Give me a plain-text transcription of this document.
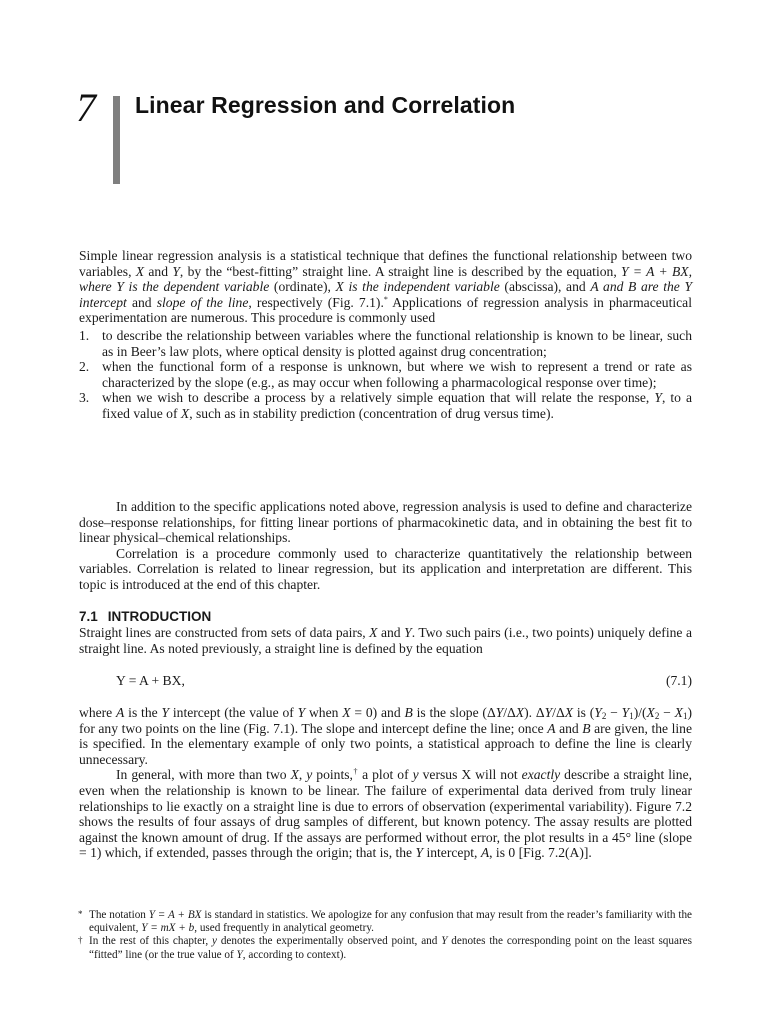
7 Linear Regression and Correlation

Simple linear regression analysis is a statistical technique that defines the functional relationship between two variables, X and Y, by the “best-fitting” straight line. A straight line is described by the equation, Y = A + BX, where Y is the dependent variable (ordinate), X is the independent variable (abscissa), and A and B are the Y intercept and slope of the line, respectively (Fig. 7.1).* Applications of regression analysis in pharmaceutical experimentation are numerous. This procedure is commonly used

1. to describe the relationship between variables where the functional relationship is known to be linear, such as in Beer’s law plots, where optical density is plotted against drug concentration;
2. when the functional form of a response is unknown, but where we wish to represent a trend or rate as characterized by the slope (e.g., as may occur when following a pharmacological response over time);
3. when we wish to describe a process by a relatively simple equation that will relate the response, Y, to a fixed value of X, such as in stability prediction (concentration of drug versus time).

In addition to the specific applications noted above, regression analysis is used to define and characterize dose–response relationships, for fitting linear portions of pharmacokinetic data, and in obtaining the best fit to linear physical–chemical relationships.

Correlation is a procedure commonly used to characterize quantitatively the relationship between variables. Correlation is related to linear regression, but its application and interpretation are different. This topic is introduced at the end of this chapter.

7.1 INTRODUCTION

Straight lines are constructed from sets of data pairs, X and Y. Two such pairs (i.e., two points) uniquely define a straight line. As noted previously, a straight line is defined by the equation

Y = A + BX,	(7.1)

where A is the Y intercept (the value of Y when X = 0) and B is the slope (ΔY/ΔX). ΔY/ΔX is $(Y_2 - Y_1)/(X_2 - X_1)$ for any two points on the line (Fig. 7.1). The slope and intercept define the line; once A and B are given, the line is specified. In the elementary example of only two points, a statistical approach to define the line is clearly unnecessary.

In general, with more than two X, y points,† a plot of y versus X will not exactly describe a straight line, even when the relationship is known to be linear. The failure of experimental data derived from truly linear relationships to lie exactly on a straight line is due to errors of observation (experimental variability). Figure 7.2 shows the results of four assays of drug samples of different, but known potency. The assay results are plotted against the known amount of drug. If the assays are performed without error, the plot results in a 45° line (slope = 1) which, if extended, passes through the origin; that is, the Y intercept, A, is 0 [Fig. 7.2(A)].

* The notation Y = A + BX is standard in statistics. We apologize for any confusion that may result from the reader’s familiarity with the equivalent, Y = mX + b, used frequently in analytical geometry.

† In the rest of this chapter, y denotes the experimentally observed point, and Y denotes the corresponding point on the least squares “fitted” line (or the true value of Y, according to context).
